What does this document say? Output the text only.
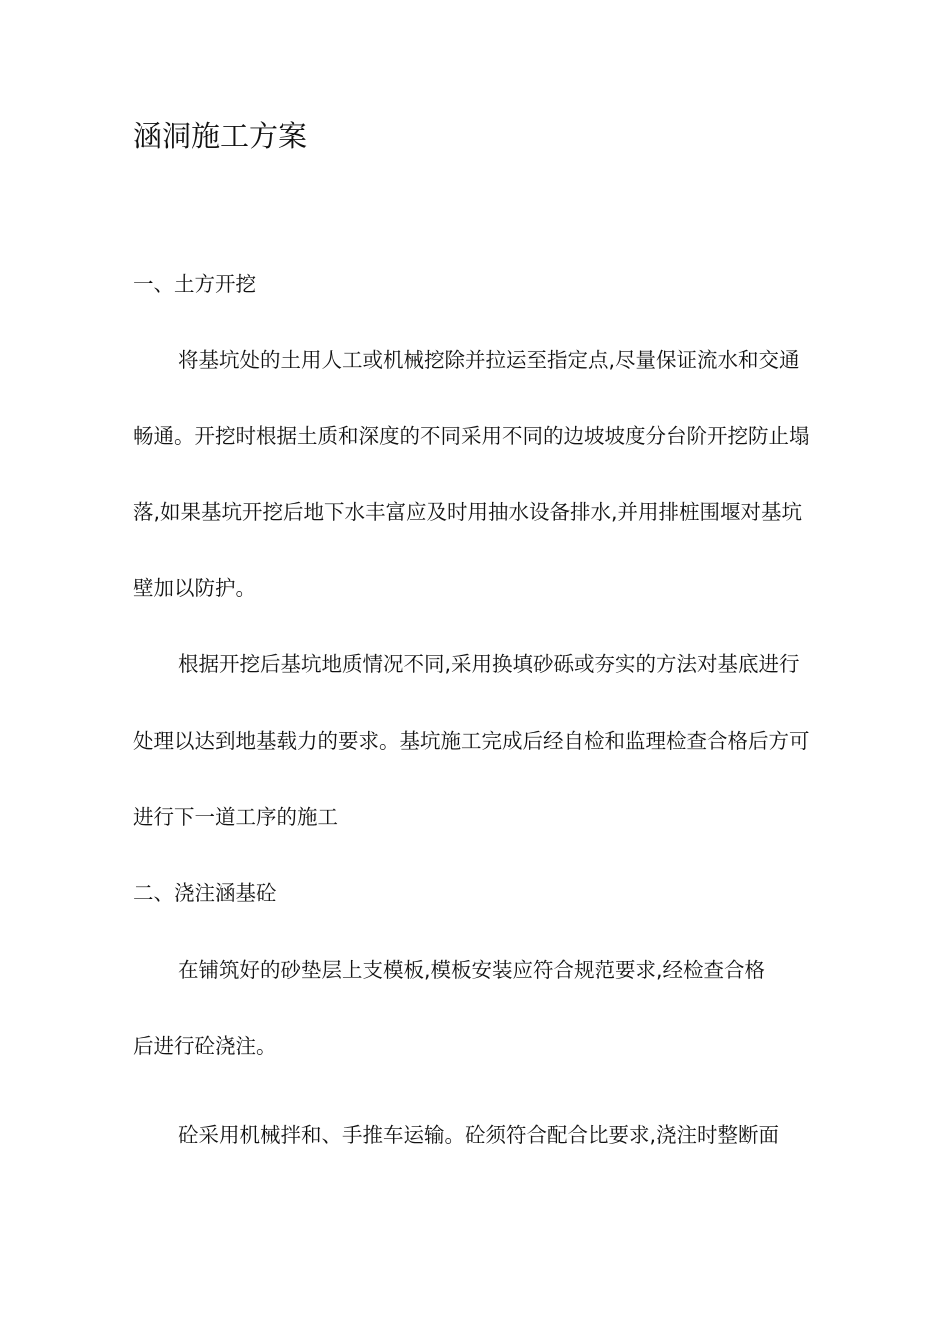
涵洞施工方案
一、土方开挖
将基坑处的土用人工或机械挖除并拉运至指定点,尽量保证流水和交通
畅通。开挖时根据土质和深度的不同采用不同的边坡坡度分台阶开挖防止塌
落,如果基坑开挖后地下水丰富应及时用抽水设备排水,并用排桩围堰对基坑
壁加以防护。
根据开挖后基坑地质情况不同,采用换填砂砾或夯实的方法对基底进行
处理以达到地基载力的要求。基坑施工完成后经自检和监理检查合格后方可
进行下一道工序的施工
二、浇注涵基砼
在铺筑好的砂垫层上支模板,模板安装应符合规范要求,经检查合格
后进行砼浇注。
砼采用机械拌和、手推车运输。砼须符合配合比要求,浇注时整断面
